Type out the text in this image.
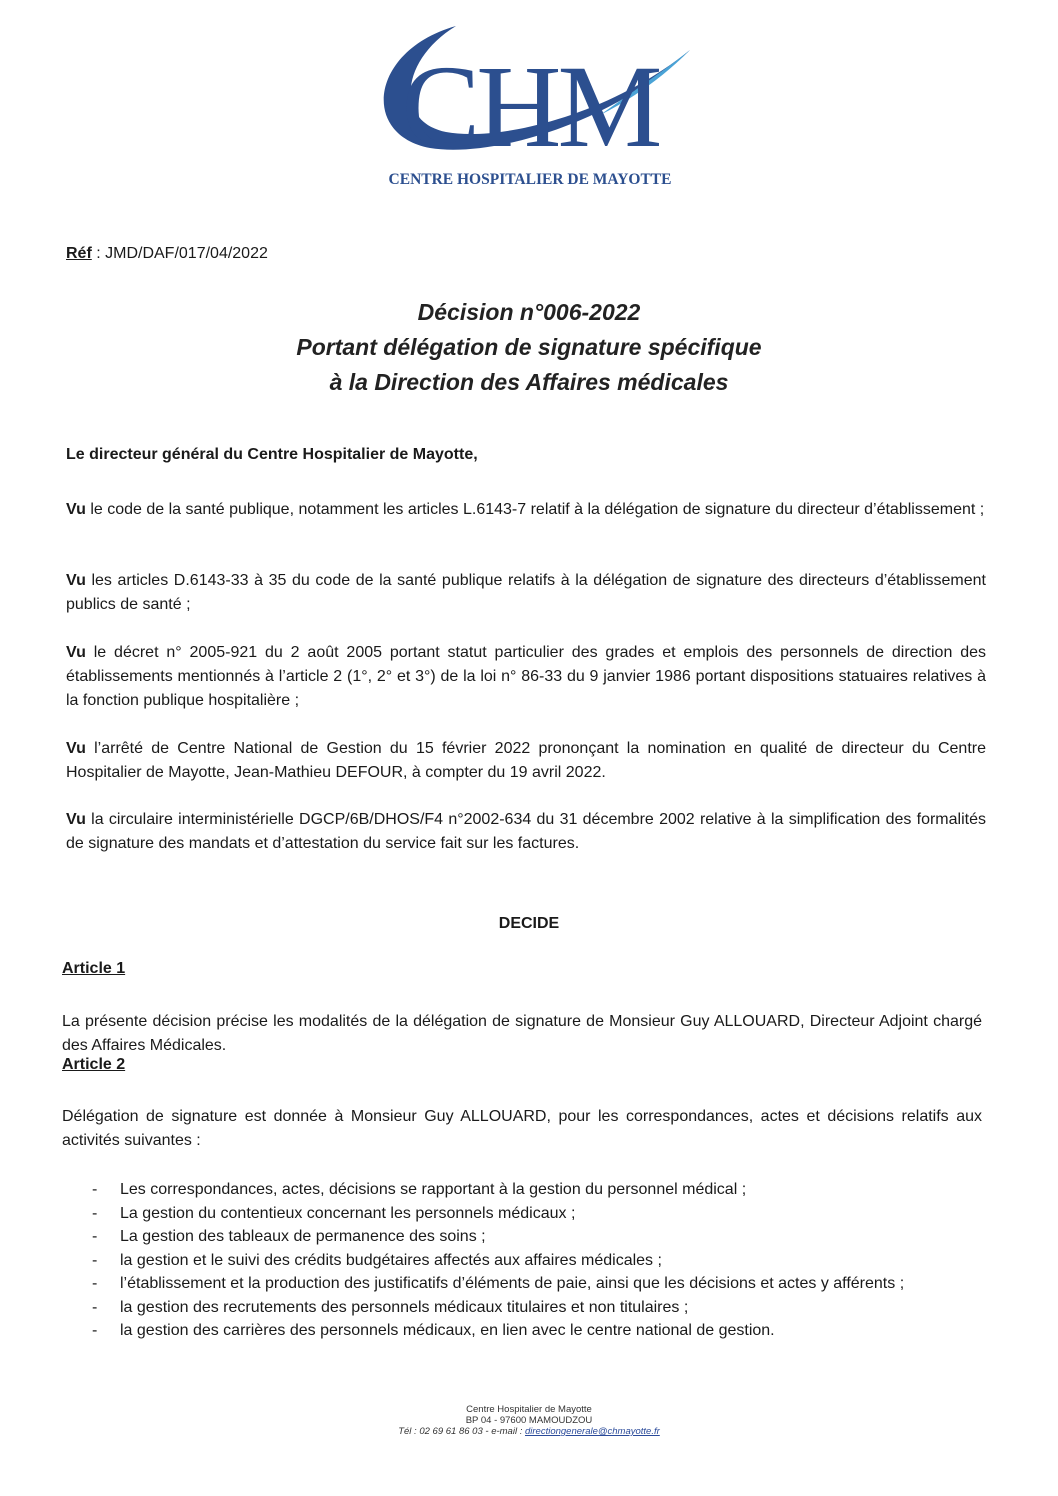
CHM
CENTRE HOSPITALIER DE MAYOTTE
Réf : JMD/DAF/017/04/2022
Décision n°006-2022
Portant délégation de signature spécifique
à la Direction des Affaires médicales
Le directeur général du Centre Hospitalier de Mayotte,

Vu le code de la santé publique, notamment les articles L.6143-7 relatif à la délégation de signature du directeur d’établissement ;

Vu les articles D.6143-33 à 35 du code de la santé publique relatifs à la délégation de signature des directeurs d’établissement publics de santé ;

Vu le décret n° 2005-921 du 2 août 2005 portant statut particulier des grades et emplois des personnels de direction des établissements mentionnés à l’article 2 (1°, 2° et 3°) de la loi n° 86-33 du 9 janvier 1986 portant dispositions statuaires relatives à la fonction publique hospitalière ;

Vu l’arrêté de Centre National de Gestion du 15 février 2022 prononçant la nomination en qualité de directeur du Centre Hospitalier de Mayotte, Jean-Mathieu DEFOUR, à compter du 19 avril 2022.

Vu la circulaire interministérielle DGCP/6B/DHOS/F4 n°2002-634 du 31 décembre 2002 relative à la simplification des formalités de signature des mandats et d’attestation du service fait sur les factures.

DECIDE
Article 1

La présente décision précise les modalités de la délégation de signature de Monsieur Guy ALLOUARD, Directeur Adjoint chargé des Affaires Médicales.

Article 2

Délégation de signature est donnée à Monsieur Guy ALLOUARD, pour les correspondances, actes et décisions relatifs aux activités suivantes :

- Les correspondances, actes, décisions se rapportant à la gestion du personnel médical ;
- La gestion du contentieux concernant les personnels médicaux ;
- La gestion des tableaux de permanence des soins ;
- la gestion et le suivi des crédits budgétaires affectés aux affaires médicales ;
- l’établissement et la production des justificatifs d’éléments de paie, ainsi que les décisions et actes y afférents ;
- la gestion des recrutements des personnels médicaux titulaires et non titulaires ;
- la gestion des carrières des personnels médicaux, en lien avec le centre national de gestion.
Centre Hospitalier de Mayotte
BP 04 - 97600 MAMOUDZOU
Tél : 02 69 61 86 03 - e-mail : directiongenerale@chmayotte.fr
